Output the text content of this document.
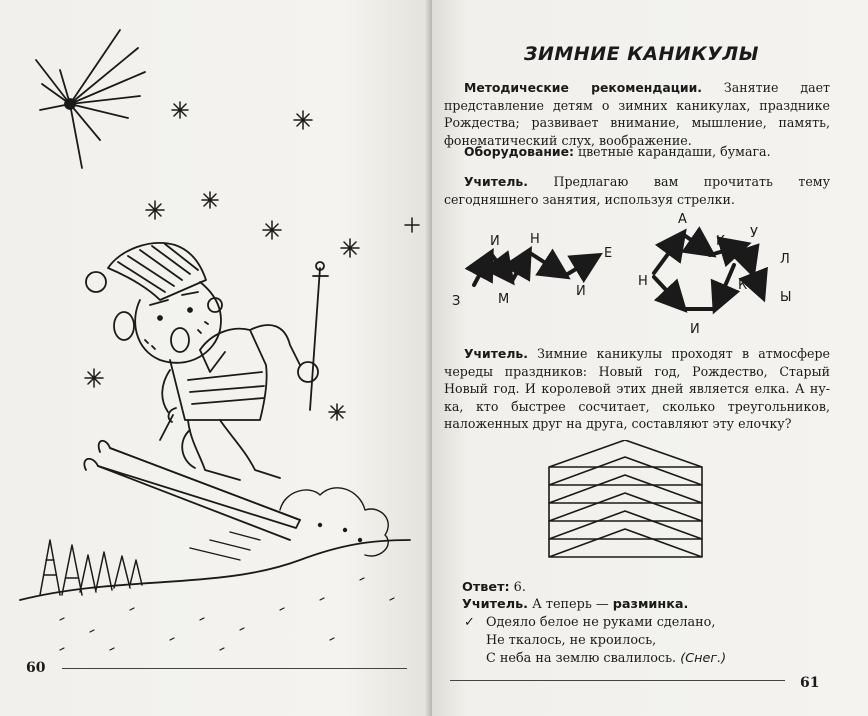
60
ЗИМНИЕ КАНИКУЛЫ
Методические рекомендации. Занятие дает представление детям о зимних каникулах, празднике Рождества; развивает внимание, мышление, память, фонематический слух, воображение.
Оборудование: цветные карандаши, бумага.
Учитель. Предлагаю вам прочитать тему сегодняшнего занятия, используя стрелки.
З
И
М
Н
И
Е
Н
А
И
К
К
У
Л
Ы
Учитель. Зимние каникулы проходят в атмосфере череды праздников: Новый год, Рождество, Старый Новый год. И королевой этих дней является елка. А ну-ка, кто быстрее сосчитает, сколько треугольников, наложенных друг на друга, составляют эту елочку?
Ответ: 6.
Учитель. А теперь — разминка.
✓ Одеяло белое не руками сделано,
Не ткалось, не кроилось,
С неба на землю свалилось. (Снег.)
61
